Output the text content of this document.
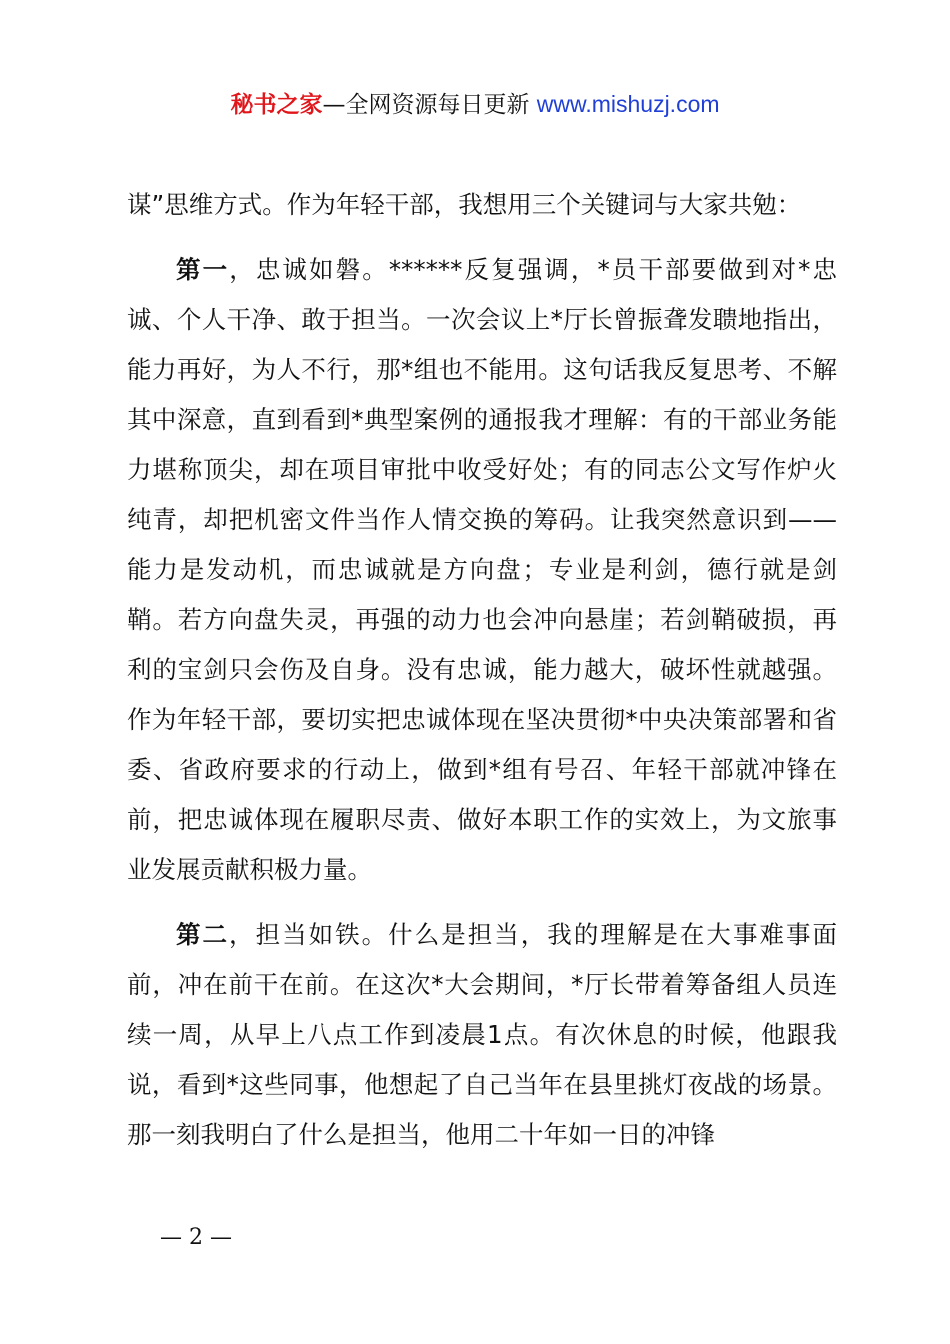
秘书之家—全网资源每日更新 www.mishuzj.com

谋”思维方式。作为年轻干部，我想用三个关键词与大家共勉：

第一，忠诚如磐。******反复强调，*员干部要做到对*忠诚、个人干净、敢于担当。一次会议上*厅长曾振聋发聩地指出，能力再好，为人不行，那*组也不能用。这句话我反复思考、不解其中深意，直到看到*典型案例的通报我才理解：有的干部业务能力堪称顶尖，却在项目审批中收受好处；有的同志公文写作炉火纯青，却把机密文件当作人情交换的筹码。让我突然意识到——能力是发动机，而忠诚就是方向盘；专业是利剑，德行就是剑鞘。若方向盘失灵，再强的动力也会冲向悬崖；若剑鞘破损，再利的宝剑只会伤及自身。没有忠诚，能力越大，破坏性就越强。作为年轻干部，要切实把忠诚体现在坚决贯彻*中央决策部署和省委、省政府要求的行动上，做到*组有号召、年轻干部就冲锋在前，把忠诚体现在履职尽责、做好本职工作的实效上，为文旅事业发展贡献积极力量。

第二，担当如铁。什么是担当，我的理解是在大事难事面前，冲在前干在前。在这次*大会期间，*厅长带着筹备组人员连续一周，从早上八点工作到凌晨1点。有次休息的时候，他跟我说，看到*这些同事，他想起了自己当年在县里挑灯夜战的场景。那一刻我明白了什么是担当，他用二十年如一日的冲锋

— 2 —
